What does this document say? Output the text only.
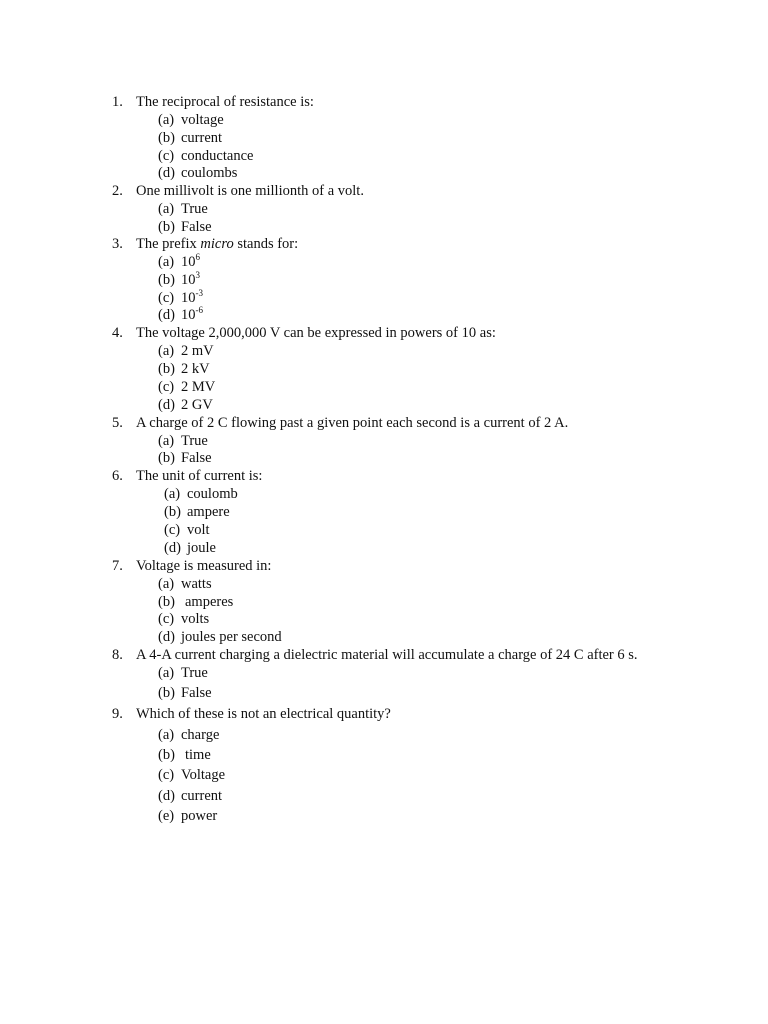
1. The reciprocal of resistance is:
(a) voltage
(b) current
(c) conductance
(d) coulombs
2. One millivolt is one millionth of a volt.
(a) True
(b) False
3. The prefix micro stands for:
(a) $10^6$
(b) $10^3$
(c) $10^{-3}$
(d) $10^{-6}$
4. The voltage 2,000,000 V can be expressed in powers of 10 as:
(a) 2 mV
(b) 2 kV
(c) 2 MV
(d) 2 GV
5. A charge of 2 C flowing past a given point each second is a current of 2 A.
(a) True
(b) False
6. The unit of current is:
(a) coulomb
(b) ampere
(c) volt
(d) joule
7. Voltage is measured in:
(a) watts
(b) amperes
(c) volts
(d) joules per second
8. A 4-A current charging a dielectric material will accumulate a charge of 24 C after 6 s.
(a) True
(b) False
9. Which of these is not an electrical quantity?
(a) charge
(b) time
(c) Voltage
(d) current
(e) power
